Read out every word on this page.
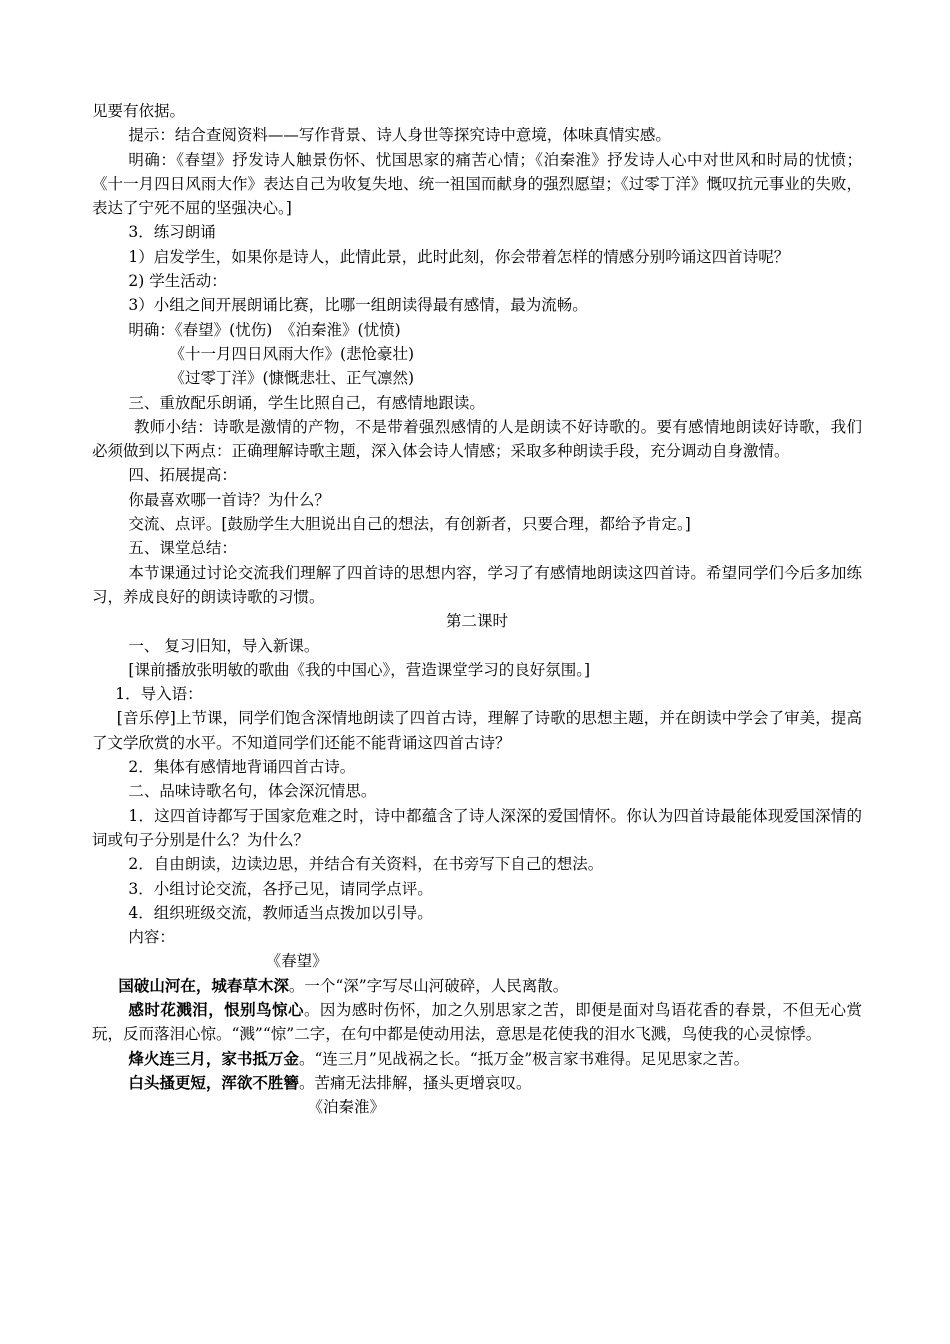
见要有依据。

提示：结合查阅资料——写作背景、诗人身世等探究诗中意境，体味真情实感。

明确：《春望》抒发诗人触景伤怀、忧国思家的痛苦心情；《泊秦淮》抒发诗人心中对世风和时局的忧愤；《十一月四日风雨大作》表达自己为收复失地、统一祖国而献身的强烈愿望；《过零丁洋》慨叹抗元事业的失败，表达了宁死不屈的坚强决心。]

3．练习朗诵

1）启发学生，如果你是诗人，此情此景，此时此刻，你会带着怎样的情感分别吟诵这四首诗呢？

2) 学生活动：

3）小组之间开展朗诵比赛，比哪一组朗读得最有感情，最为流畅。

明确：《春望》(忧伤)　《泊秦淮》(忧愤)

《十一月四日风雨大作》(悲怆豪壮)

《过零丁洋》(慷慨悲壮、正气凛然)

三、重放配乐朗诵，学生比照自己，有感情地跟读。

教师小结：诗歌是激情的产物，不是带着强烈感情的人是朗读不好诗歌的。要有感情地朗读好诗歌，我们必须做到以下两点：正确理解诗歌主题，深入体会诗人情感；采取多种朗读手段，充分调动自身激情。

四、拓展提高：

你最喜欢哪一首诗？为什么？

交流、点评。[鼓励学生大胆说出自己的想法，有创新者，只要合理，都给予肯定。]

五、课堂总结：

本节课通过讨论交流我们理解了四首诗的思想内容，学习了有感情地朗读这四首诗。希望同学们今后多加练习，养成良好的朗读诗歌的习惯。

第二课时

一、 复习旧知，导入新课。

[课前播放张明敏的歌曲《我的中国心》，营造课堂学习的良好氛围。]

1．导入语：

[音乐停]上节课，同学们饱含深情地朗读了四首古诗，理解了诗歌的思想主题，并在朗读中学会了审美，提高了文学欣赏的水平。不知道同学们还能不能背诵这四首古诗？

2．集体有感情地背诵四首古诗。

二、品味诗歌名句，体会深沉情思。

1．这四首诗都写于国家危难之时，诗中都蕴含了诗人深深的爱国情怀。你认为四首诗最能体现爱国深情的词或句子分别是什么？为什么？

2．自由朗读，边读边思，并结合有关资料，在书旁写下自己的想法。

3．小组讨论交流，各抒己见，请同学点评。

4．组织班级交流，教师适当点拨加以引导。

内容：

《春望》

国破山河在，城春草木深。一个“深”字写尽山河破碎，人民离散。

感时花溅泪，恨别鸟惊心。因为感时伤怀，加之久别思家之苦，即便是面对鸟语花香的春景，不但无心赏玩，反而落泪心惊。“溅”“惊”二字，在句中都是使动用法，意思是花使我的泪水飞溅，鸟使我的心灵惊悸。

烽火连三月，家书抵万金。“连三月”见战祸之长。“抵万金”极言家书难得。足见思家之苦。

白头搔更短，浑欲不胜簪。苦痛无法排解，搔头更增哀叹。

《泊秦淮》
